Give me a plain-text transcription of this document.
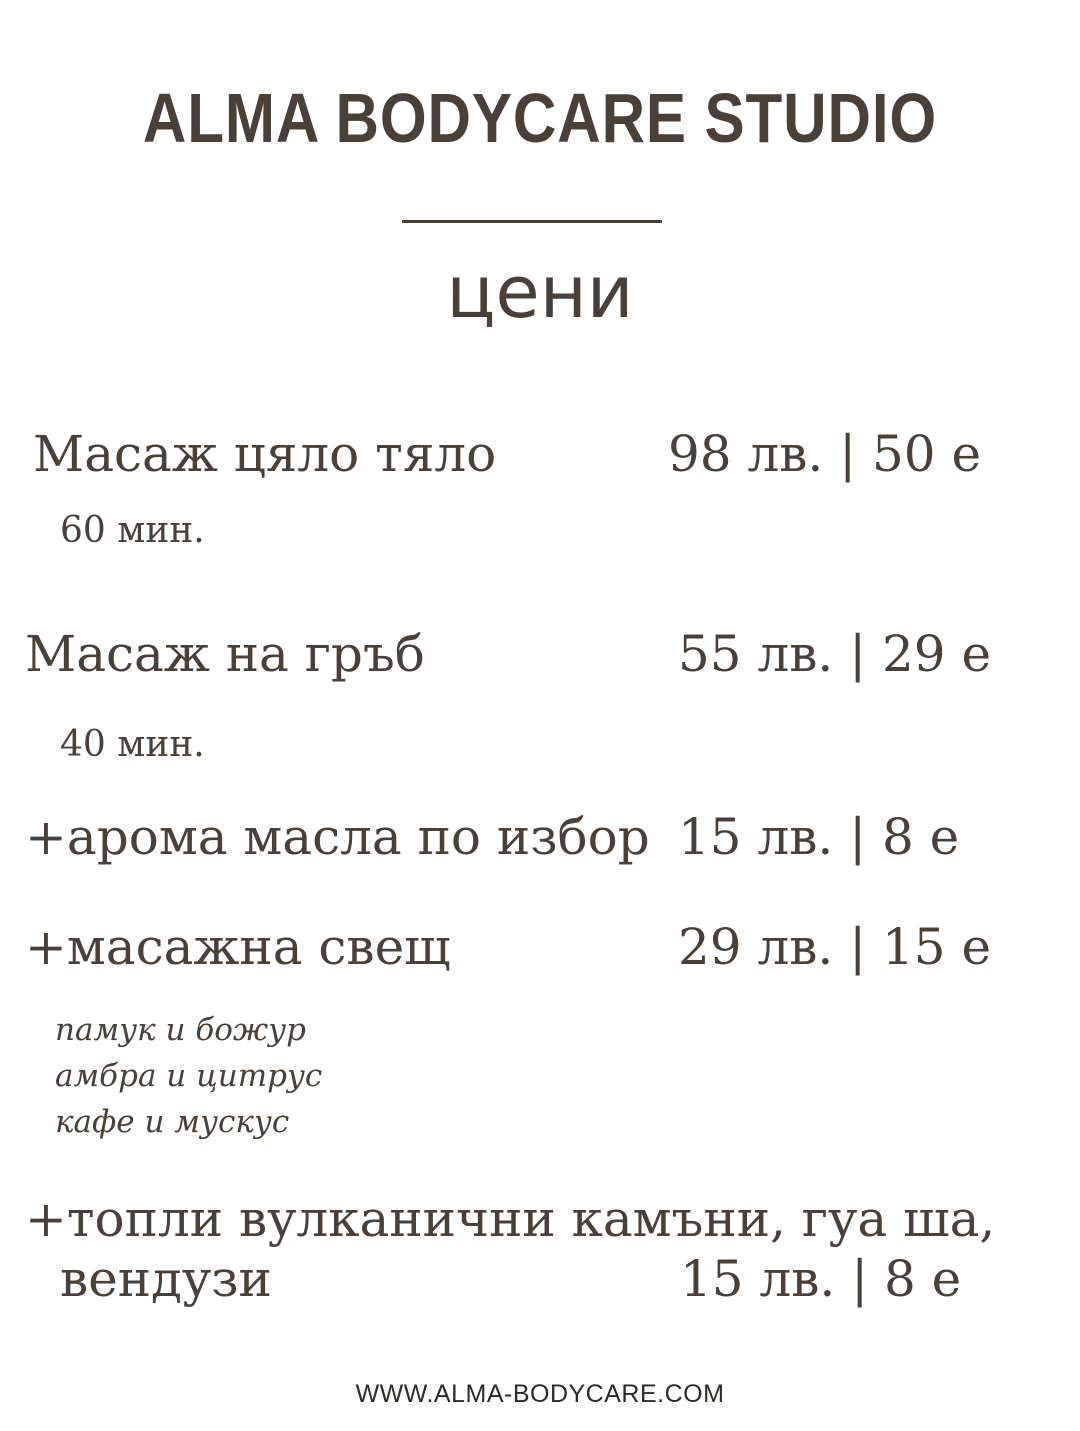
ALMA BODYCARE STUDIO
цени
Масаж цяло тяло	98 лв. | 50 е
60 мин.
Масаж на гръб	55 лв. | 29 е
40 мин.
+арома масла по избор 15 лв. | 8 е
+масажна свещ	29 лв. | 15 е
памук и божур
амбра и цитрус
кафе и мускус
+топли вулканични камъни, гуа ша,
вендузи	15 лв. | 8 е
WWW.ALMA-BODYCARE.COM
